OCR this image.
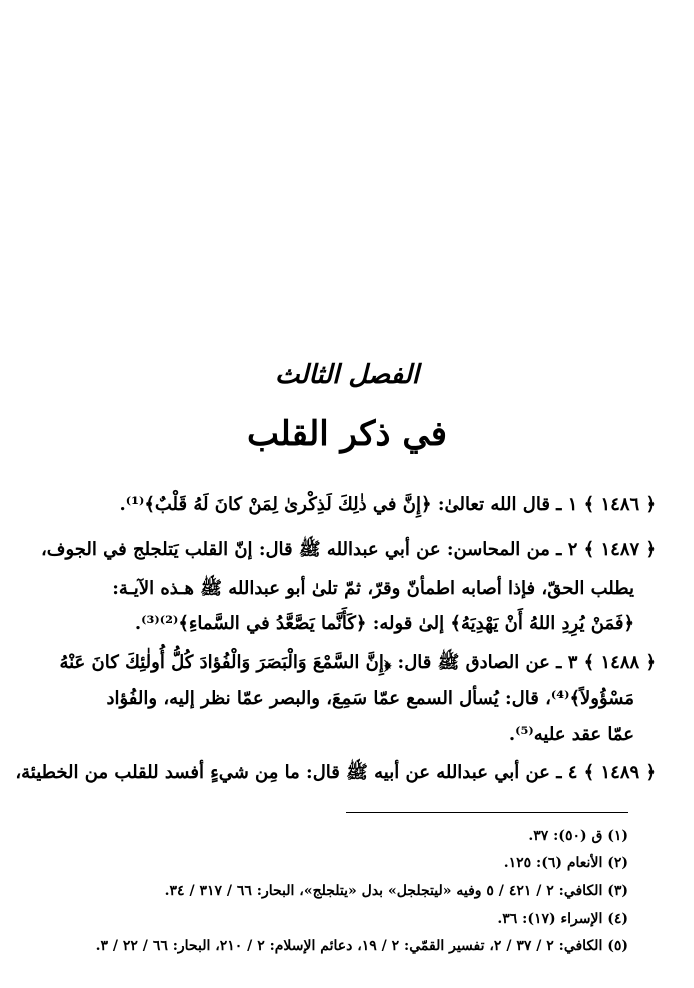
الفصل الثالث
في ذكر القلب
﴿ ١٤٨٦ ﴾ ١ ـ قال الله تعالىٰ: ﴿إِنَّ في ذٰلِكَ لَذِكْرىٰ لِمَنْ كانَ لَهُ قَلْبٌ﴾⁽¹⁾.
﴿ ١٤٨٧ ﴾ ٢ ـ من المحاسن: عن أبي عبدالله ﷺ قال: إنّ القلب يَتلجلج في الجوف،
يطلب الحقّ، فإذا أصابه اطمأنّ وقرّ، ثمّ تلىٰ أبو عبدالله ﷺ هـذه الآيـة:
﴿فَمَنْ يُرِدِ اللهُ أَنْ يَهْدِيَهُ﴾ إلىٰ قوله: ﴿كَأَنَّما يَصَّعَّدُ في السَّماءِ﴾⁽²⁾⁽³⁾.
﴿ ١٤٨٨ ﴾ ٣ ـ عن الصادق ﷺ قال: ﴿إِنَّ السَّمْعَ وَالْبَصَرَ وَالْفُؤادَ كُلُّ أُولٰئِكَ كانَ عَنْهُ
مَسْؤُولاً﴾⁽⁴⁾، قال: يُسأل السمع عمّا سَمِعَ، والبصر عمّا نظر إليه، والفُؤاد
عمّا عقد عليه⁽⁵⁾.
﴿ ١٤٨٩ ﴾ ٤ ـ عن أبي عبدالله عن أبيه ﷺ قال: ما مِن شيءٍ أفسد للقلب من الخطيئة،
(١) ق (٥٠): ٣٧.
(٢) الأنعام (٦): ١٢٥.
(٣) الكافي: ٢ / ٤٢١ / ٥ وفيه «ليتجلجل» بدل «يتلجلج»، البحار: ٦٦ / ٣١٧ / ٣٤.
(٤) الإسراء (١٧): ٣٦.
(٥) الكافي: ٢ / ٣٧ / ٢، تفسير القمّي: ٢ / ١٩، دعائم الإسلام: ٢ / ٢١٠، البحار: ٦٦ / ٢٢ / ٣.
